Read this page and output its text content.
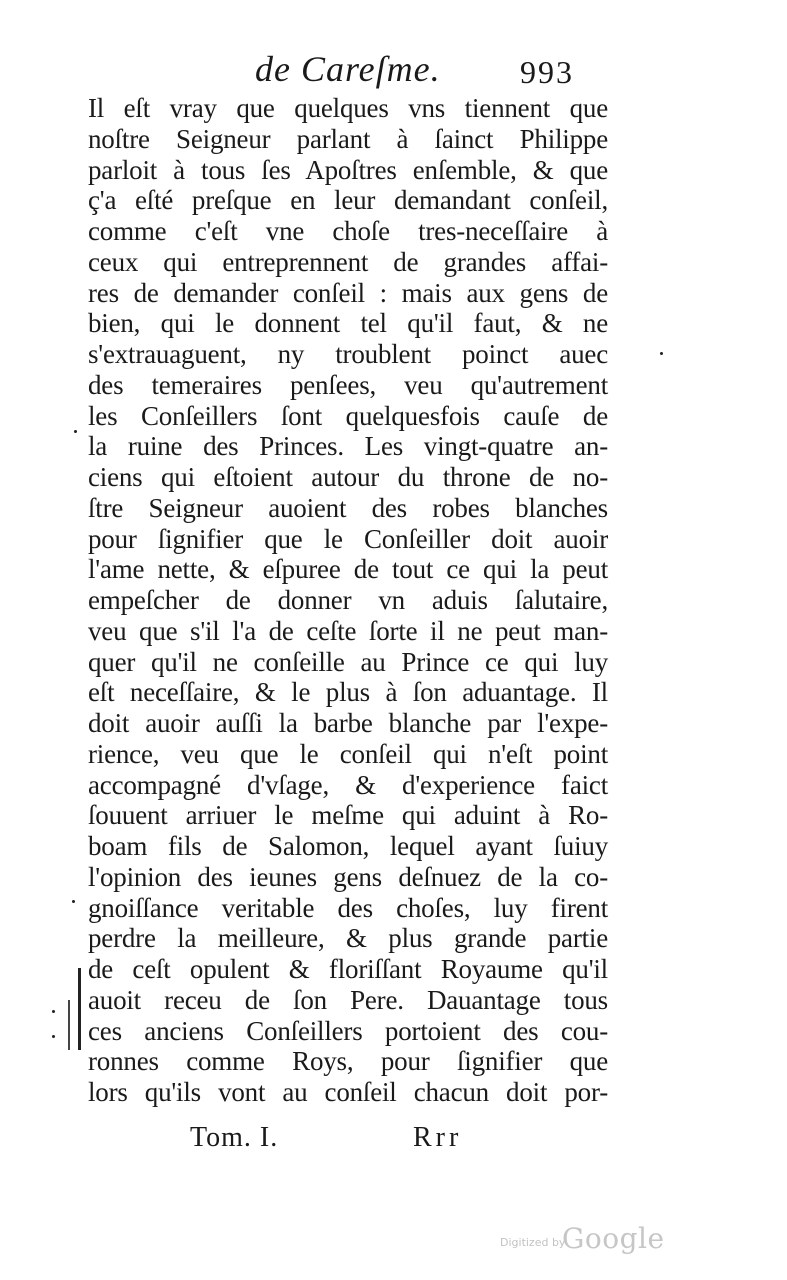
de Careſme. 993
Il eſt vray que quelques vns tiennent que
noſtre Seigneur parlant à ſainct Philippe
parloit à tous ſes Apoſtres enſemble, & que
ç'a eſté preſque en leur demandant conſeil,
comme c'eſt vne choſe tres-neceſſaire à
ceux qui entreprennent de grandes affai-
res de demander conſeil : mais aux gens de
bien, qui le donnent tel qu'il faut, & ne
s'extrauaguent, ny troublent poinct auec
des temeraires penſees, veu qu'autrement
les Conſeillers ſont quelquesfois cauſe de
la ruine des Princes. Les vingt-quatre an-
ciens qui eſtoient autour du throne de no-
ſtre Seigneur auoient des robes blanches
pour ſignifier que le Conſeiller doit auoir
l'ame nette, & eſpuree de tout ce qui la peut
empeſcher de donner vn aduis ſalutaire,
veu que s'il l'a de ceſte ſorte il ne peut man-
quer qu'il ne conſeille au Prince ce qui luy
eſt neceſſaire, & le plus à ſon aduantage. Il
doit auoir auſſi la barbe blanche par l'expe-
rience, veu que le conſeil qui n'eſt point
accompagné d'vſage, & d'experience faict
ſouuent arriuer le meſme qui aduint à Ro-
boam fils de Salomon, lequel ayant ſuiuy
l'opinion des ieunes gens deſnuez de la co-
gnoiſſance veritable des choſes, luy firent
perdre la meilleure, & plus grande partie
de ceſt opulent & floriſſant Royaume qu'il
auoit receu de ſon Pere. Dauantage tous
ces anciens Conſeillers portoient des cou-
ronnes comme Roys, pour ſignifier que
lors qu'ils vont au conſeil chacun doit por-
Tom. I.	Rrr
Digitized by
Google
